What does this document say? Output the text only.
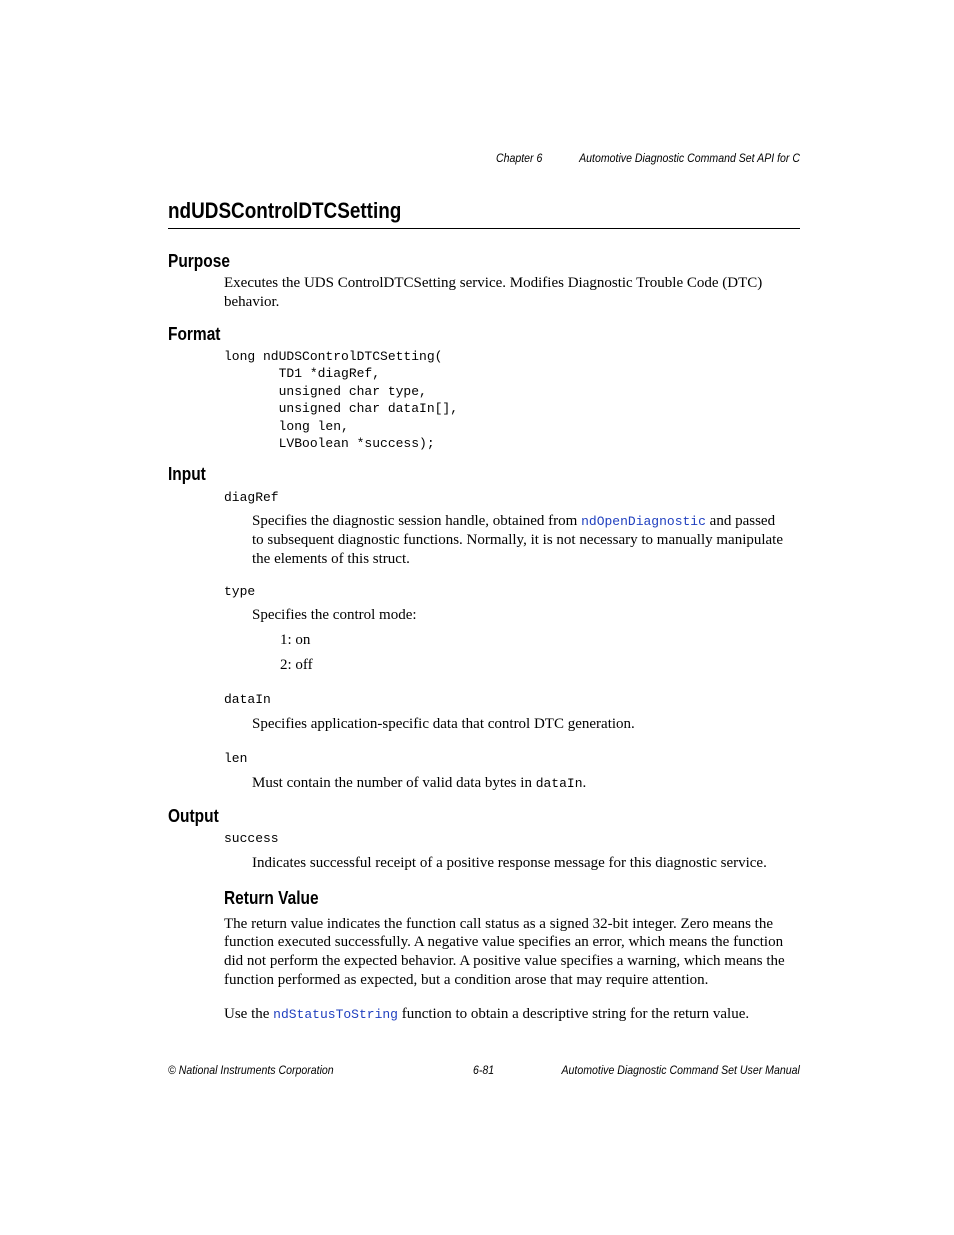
Chapter 6	Automotive Diagnostic Command Set API for C
ndUDSControlDTCSetting
Purpose
Executes the UDS ControlDTCSetting service. Modifies Diagnostic Trouble Code (DTC)
behavior.
Format
long ndUDSControlDTCSetting(
TD1 *diagRef,
unsigned char type,
unsigned char dataIn[],
long len,
LVBoolean *success);
Input
diagRef
Specifies the diagnostic session handle, obtained from ndOpenDiagnostic and passed
to subsequent diagnostic functions. Normally, it is not necessary to manually manipulate
the elements of this struct.
type
Specifies the control mode:
1: on
2: off
dataIn
Specifies application-specific data that control DTC generation.
len
Must contain the number of valid data bytes in dataIn.
Output
success
Indicates successful receipt of a positive response message for this diagnostic service.
Return Value
The return value indicates the function call status as a signed 32-bit integer. Zero means the
function executed successfully. A negative value specifies an error, which means the function
did not perform the expected behavior. A positive value specifies a warning, which means the
function performed as expected, but a condition arose that may require attention.
Use the ndStatusToString function to obtain a descriptive string for the return value.
© National Instruments Corporation	6-81	Automotive Diagnostic Command Set User Manual
